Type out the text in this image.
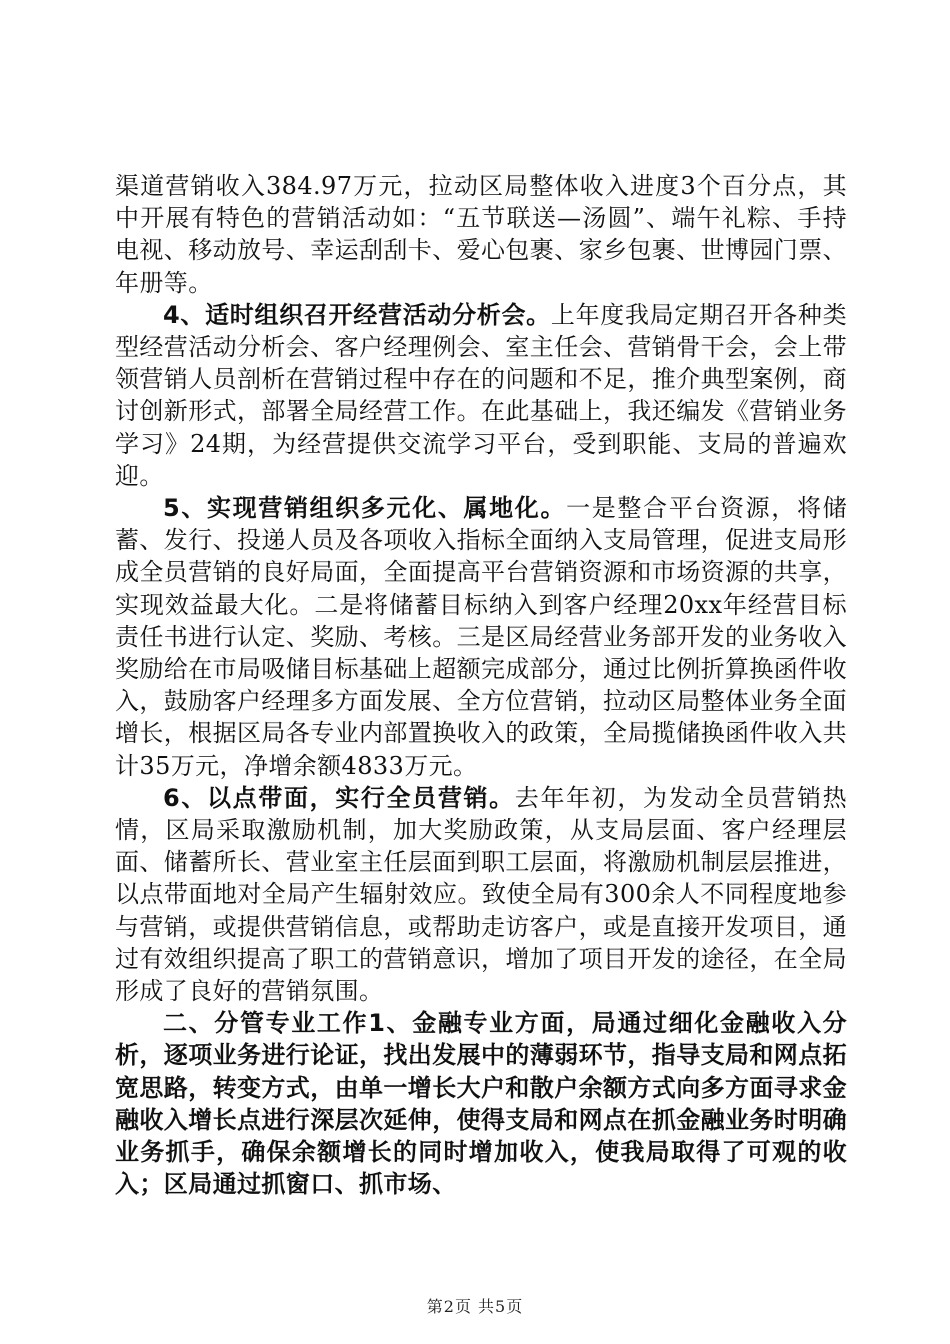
渠道营销收入384.97万元，拉动区局整体收入进度3个百分点，其中开展有特色的营销活动如：“五节联送—汤圆”、端午礼粽、手持电视、移动放号、幸运刮刮卡、爱心包裹、家乡包裹、世博园门票、年册等。

4、适时组织召开经营活动分析会。上年度我局定期召开各种类型经营活动分析会、客户经理例会、室主任会、营销骨干会，会上带领营销人员剖析在营销过程中存在的问题和不足，推介典型案例，商讨创新形式，部署全局经营工作。在此基础上，我还编发《营销业务学习》24期，为经营提供交流学习平台，受到职能、支局的普遍欢迎。

5、实现营销组织多元化、属地化。一是整合平台资源，将储蓄、发行、投递人员及各项收入指标全面纳入支局管理，促进支局形成全员营销的良好局面，全面提高平台营销资源和市场资源的共享，实现效益最大化。二是将储蓄目标纳入到客户经理20xx年经营目标责任书进行认定、奖励、考核。三是区局经营业务部开发的业务收入奖励给在市局吸储目标基础上超额完成部分，通过比例折算换函件收入，鼓励客户经理多方面发展、全方位营销，拉动区局整体业务全面增长，根据区局各专业内部置换收入的政策，全局揽储换函件收入共计35万元，净增余额4833万元。

6、以点带面，实行全员营销。去年年初，为发动全员营销热情，区局采取激励机制，加大奖励政策，从支局层面、客户经理层面、储蓄所长、营业室主任层面到职工层面，将激励机制层层推进，以点带面地对全局产生辐射效应。致使全局有300余人不同程度地参与营销，或提供营销信息，或帮助走访客户，或是直接开发项目，通过有效组织提高了职工的营销意识，增加了项目开发的途径，在全局形成了良好的营销氛围。

二、分管专业工作1、金融专业方面，局通过细化金融收入分析，逐项业务进行论证，找出发展中的薄弱环节，指导支局和网点拓宽思路，转变方式，由单一增长大户和散户余额方式向多方面寻求金融收入增长点进行深层次延伸，使得支局和网点在抓金融业务时明确业务抓手，确保余额增长的同时增加收入，使我局取得了可观的收入；区局通过抓窗口、抓市场、

第2页 共5页
